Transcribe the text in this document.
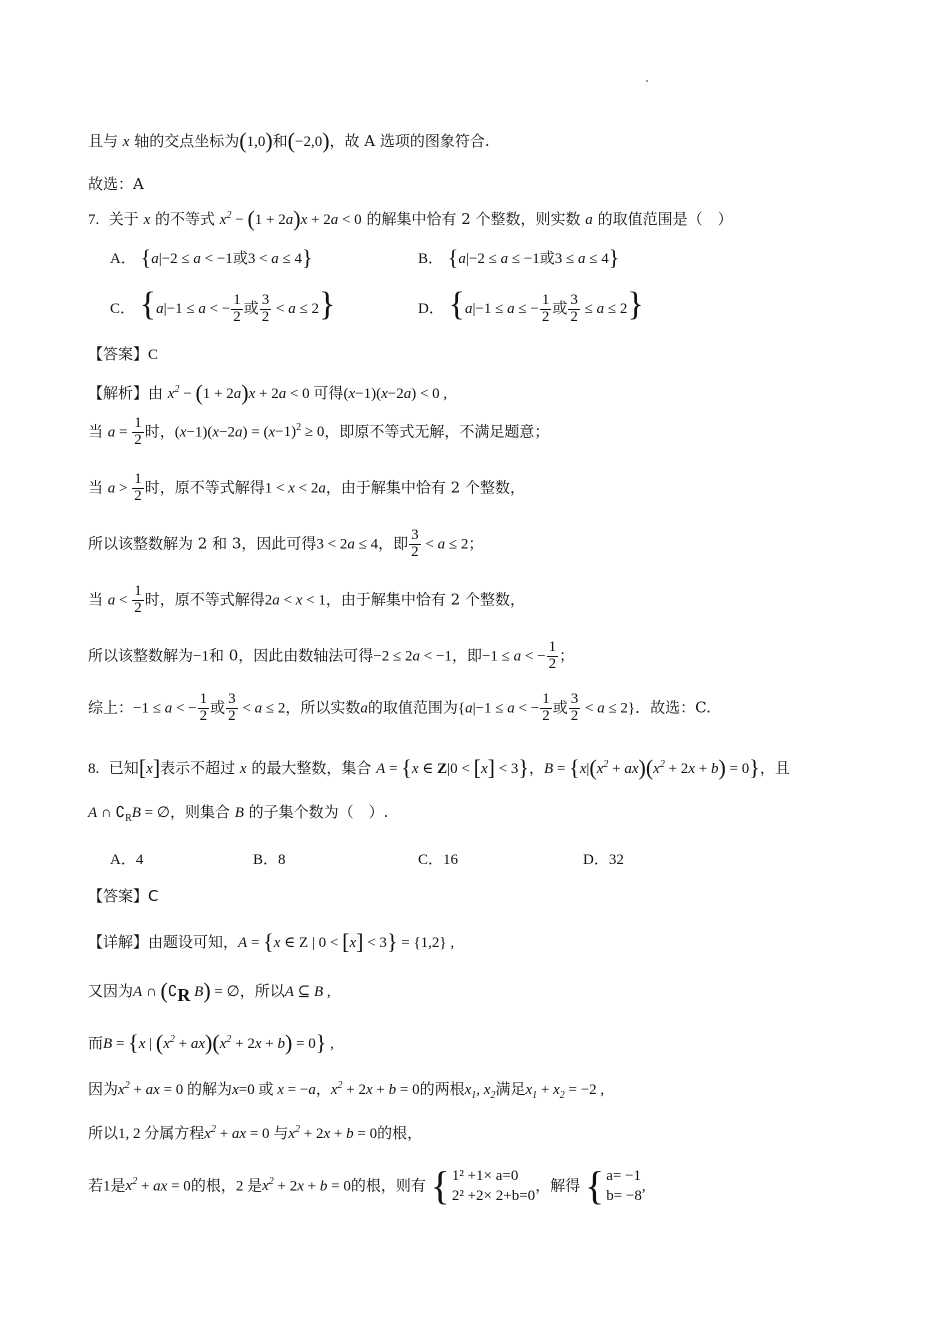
且与 x 轴的交点坐标为(1,0)和(−2,0)，故 A 选项的图象符合.
故选：A
7.  关于 x 的不等式 $x^2 - (1 + 2a)x + 2a < 0$ 的解集中恰有 2 个整数，则实数 a 的取值范围是（　）
A． {a|−2 ≤ a < −1或3 < a ≤ 4}	B． {a|−2 ≤ a ≤ −1或3 ≤ a ≤ 4}
C． {a|−1 ≤ a < − $\frac{1}{2}$ 或 $\frac{3}{2} < a \le 2$}	D． {a|−1 ≤ a ≤ − $\frac{1}{2}$ 或 $\frac{3}{2} \le a \le 2$}
【答案】C
【解析】由 $x^2 - (1 + 2a)x + 2a < 0$ 可得(x−1)(x−2a) < 0 ,
当 $a = \frac{1}{2}$ 时，$(x-1)(x-2a) = (x-1)^2 \ge 0$，即原不等式无解，不满足题意；
当 $a > \frac{1}{2}$ 时，原不等式解得1 < x < 2a，由于解集中恰有 2 个整数，
所以该整数解为 2 和 3，因此可得3 < 2a ≤ 4，即 $\frac{3}{2} < a \le 2$；
当 $a < \frac{1}{2}$ 时，原不等式解得2a < x < 1，由于解集中恰有 2 个整数，
所以该整数解为−1和 0，因此由数轴法可得−2 ≤ 2a < −1，即−1 ≤ a < − $\frac{1}{2}$ ；
综上：−1 ≤ a < − $\frac{1}{2}$ 或 $\frac{3}{2} < a \le 2$，所以实数a的取值范围为{a|−1 ≤ a < − $\frac{1}{2}$ 或 $\frac{3}{2} < a \le 2$}．故选：C.
8.  已知[x]表示不超过 x 的最大整数，集合 A = {x ∈ Z|0 < [x] < 3}，$B = \{x|(x^2 + ax)(x^2 + 2x + b) = 0\}$，且
A ∩ $∁_RB$ = ∅，则集合 B 的子集个数为（　）.
A．4	B．8	C．16	D．32
【答案】C
【详解】由题设可知，A = {x ∈ Z | 0 < [x] < 3} = {1,2} ,
又因为A ∩ (∁R B) = ∅，所以A ⊆ B ,
而B = {x | $(x^2 + ax)(x^2 + 2x + b) = 0$} ,
因为$x^2$ + ax = 0 的解为x=0 或 x = −a，$x^2 + 2x + b = 0$的两根$x_1$, $x_2$满足$x_1 + x_2 = -2$ ,
所以1, 2 分属方程$x^2$ + ax = 0 与$x^2 + 2x + b = 0$的根，
若1是$x^2$ + ax = 0的根，2 是$x^2 + 2x + b = 0$的根，则有 { 1² +1× a=0
2² +2× 2+b=0
，解得 { a= −1
b= −8
,
